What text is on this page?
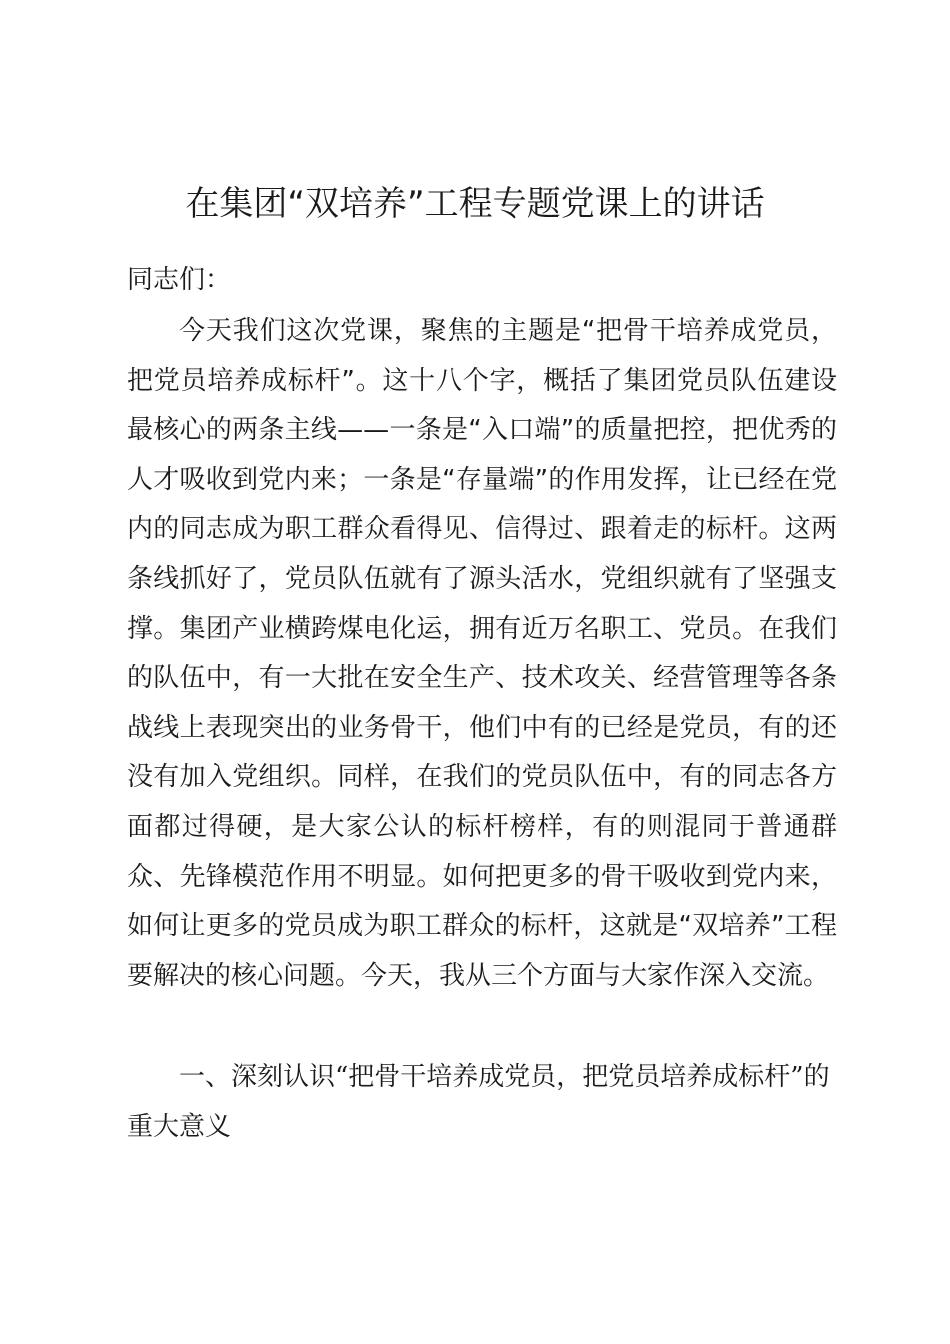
在集团“双培养”工程专题党课上的讲话
同志们：
今天我们这次党课，聚焦的主题是“把骨干培养成党员，把党员培养成标杆”。这十八个字，概括了集团党员队伍建设最核心的两条主线——一条是“入口端”的质量把控，把优秀的人才吸收到党内来；一条是“存量端”的作用发挥，让已经在党内的同志成为职工群众看得见、信得过、跟着走的标杆。这两条线抓好了，党员队伍就有了源头活水，党组织就有了坚强支撑。集团产业横跨煤电化运，拥有近万名职工、党员。在我们的队伍中，有一大批在安全生产、技术攻关、经营管理等各条战线上表现突出的业务骨干，他们中有的已经是党员，有的还没有加入党组织。同样，在我们的党员队伍中，有的同志各方面都过得硬，是大家公认的标杆榜样，有的则混同于普通群众、先锋模范作用不明显。如何把更多的骨干吸收到党内来，如何让更多的党员成为职工群众的标杆，这就是“双培养”工程要解决的核心问题。今天，我从三个方面与大家作深入交流。
一、深刻认识“把骨干培养成党员，把党员培养成标杆”的重大意义
